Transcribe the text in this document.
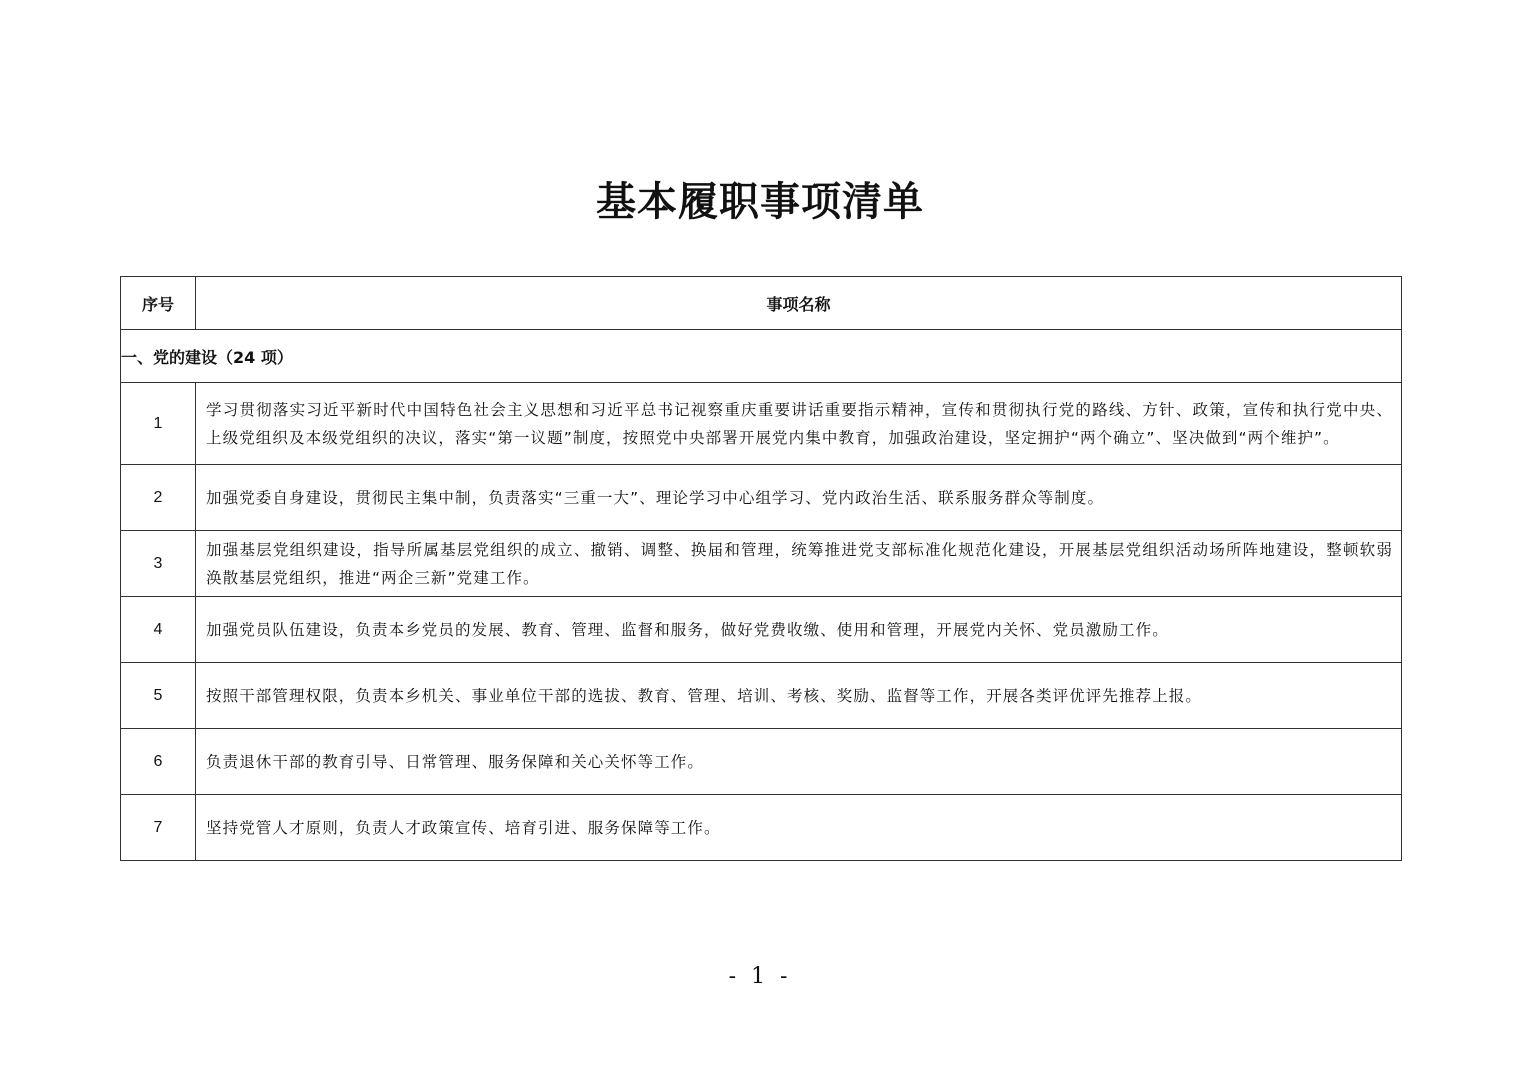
基本履职事项清单
序号	事项名称
一、党的建设（24 项）	
1	学习贯彻落实习近平新时代中国特色社会主义思想和习近平总书记视察重庆重要讲话重要指示精神，宣传和贯彻执行党的路线、方针、政策，宣传和执行党中央、上级党组织及本级党组织的决议，落实“第一议题”制度，按照党中央部署开展党内集中教育，加强政治建设，坚定拥护“两个确立”、坚决做到“两个维护”。
2	加强党委自身建设，贯彻民主集中制，负责落实“三重一大”、理论学习中心组学习、党内政治生活、联系服务群众等制度。
3	加强基层党组织建设，指导所属基层党组织的成立、撤销、调整、换届和管理，统筹推进党支部标准化规范化建设，开展基层党组织活动场所阵地建设，整顿软弱涣散基层党组织，推进“两企三新”党建工作。
4	加强党员队伍建设，负责本乡党员的发展、教育、管理、监督和服务，做好党费收缴、使用和管理，开展党内关怀、党员激励工作。
5	按照干部管理权限，负责本乡机关、事业单位干部的选拔、教育、管理、培训、考核、奖励、监督等工作，开展各类评优评先推荐上报。
6	负责退休干部的教育引导、日常管理、服务保障和关心关怀等工作。
7	坚持党管人才原则，负责人才政策宣传、培育引进、服务保障等工作。
- 1 -
